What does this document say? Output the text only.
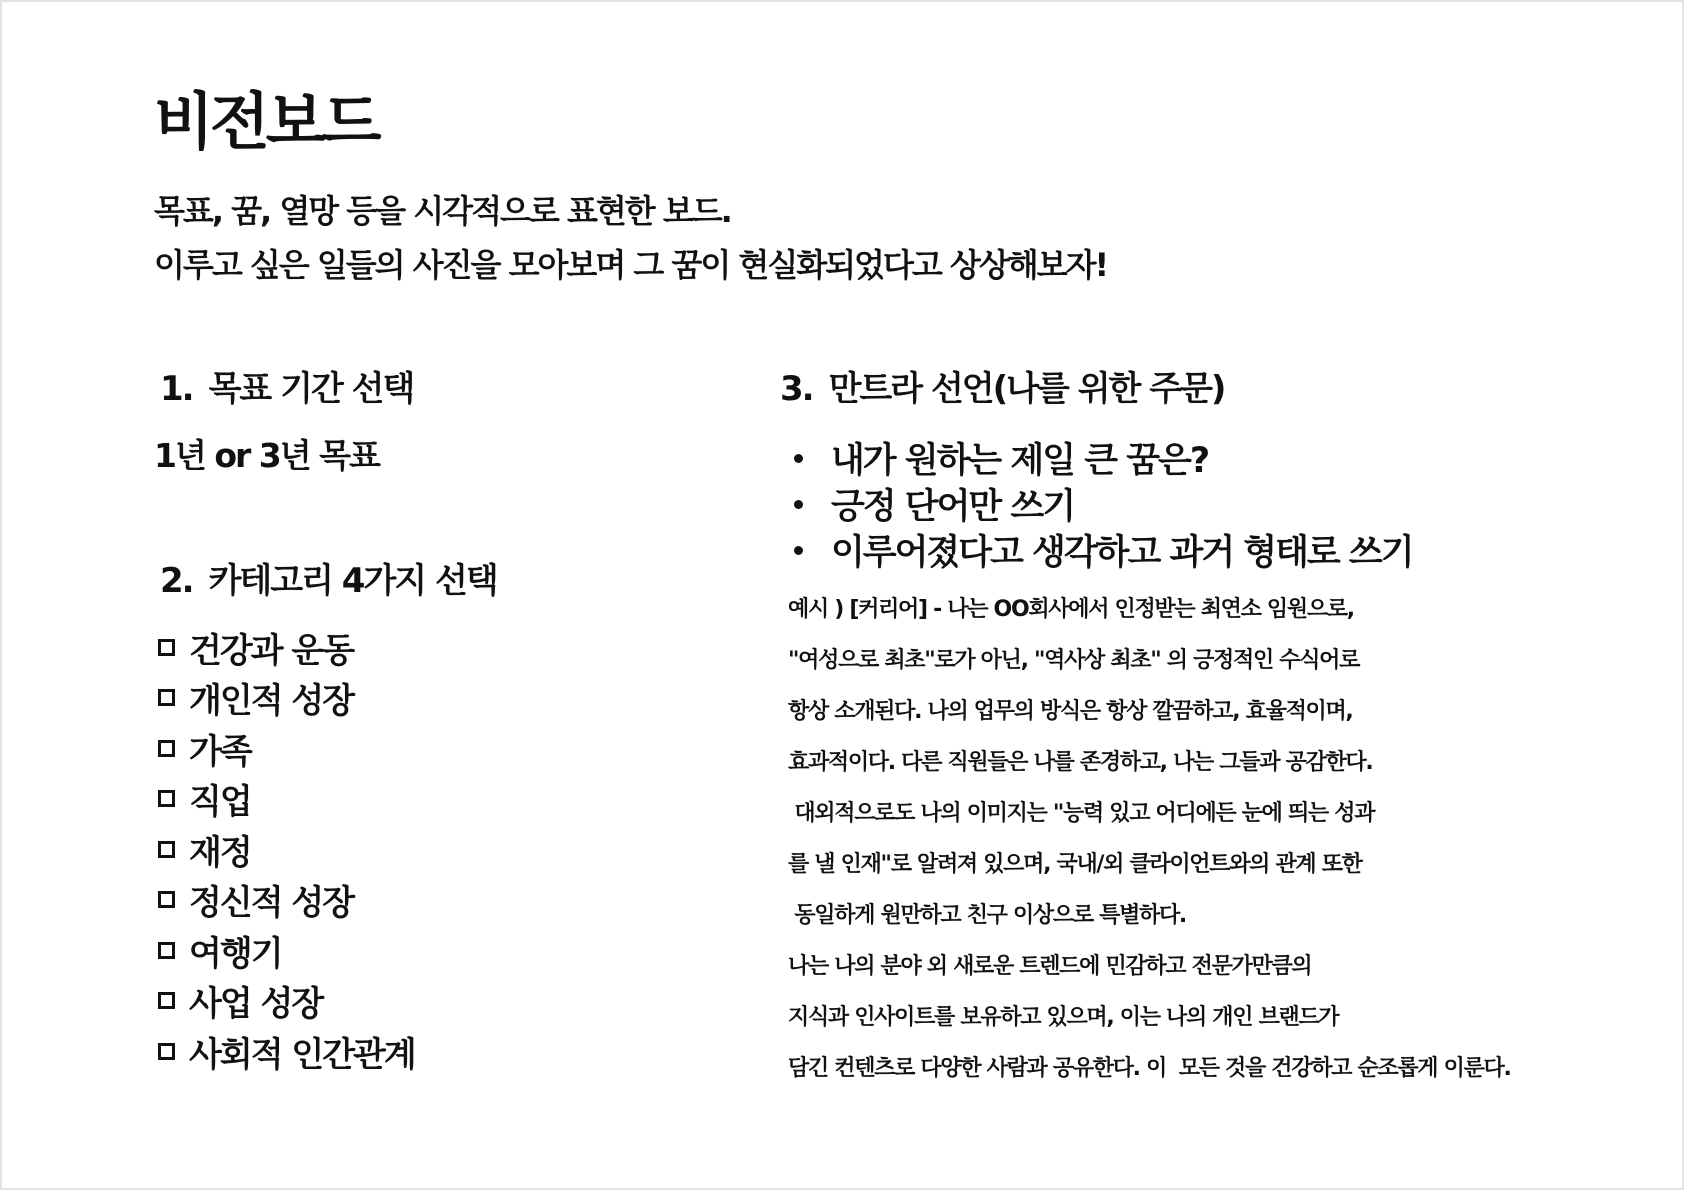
비전보드
목표, 꿈, 열망 등을 시각적으로 표현한 보드.
이루고 싶은 일들의 사진을 모아보며 그 꿈이 현실화되었다고 상상해보자!
1. 목표 기간 선택
1년 or 3년 목표
2. 카테고리 4가지 선택
건강과 운동
개인적 성장
가족
직업
재정
정신적 성장
여행기
사업 성장
사회적 인간관계
3. 만트라 선언(나를 위한 주문)
내가 원하는 제일 큰 꿈은?
긍정 단어만 쓰기
이루어졌다고 생각하고 과거 형태로 쓰기
예시 ) [커리어] - 나는 OO회사에서 인정받는 최연소 임원으로,
"여성으로 최초"로가 아닌, "역사상 최초" 의 긍정적인 수식어로
항상 소개된다. 나의 업무의 방식은 항상 깔끔하고, 효율적이며,
효과적이다. 다른 직원들은 나를 존경하고, 나는 그들과 공감한다.
대외적으로도 나의 이미지는 "능력 있고 어디에든 눈에 띄는 성과
를 낼 인재"로 알려져 있으며, 국내/외 클라이언트와의 관계 또한
동일하게 원만하고 친구 이상으로 특별하다.
나는 나의 분야 외 새로운 트렌드에 민감하고 전문가만큼의
지식과 인사이트를 보유하고 있으며, 이는 나의 개인 브랜드가
담긴 컨텐츠로 다양한 사람과 공유한다. 이  모든 것을 건강하고 순조롭게 이룬다.
